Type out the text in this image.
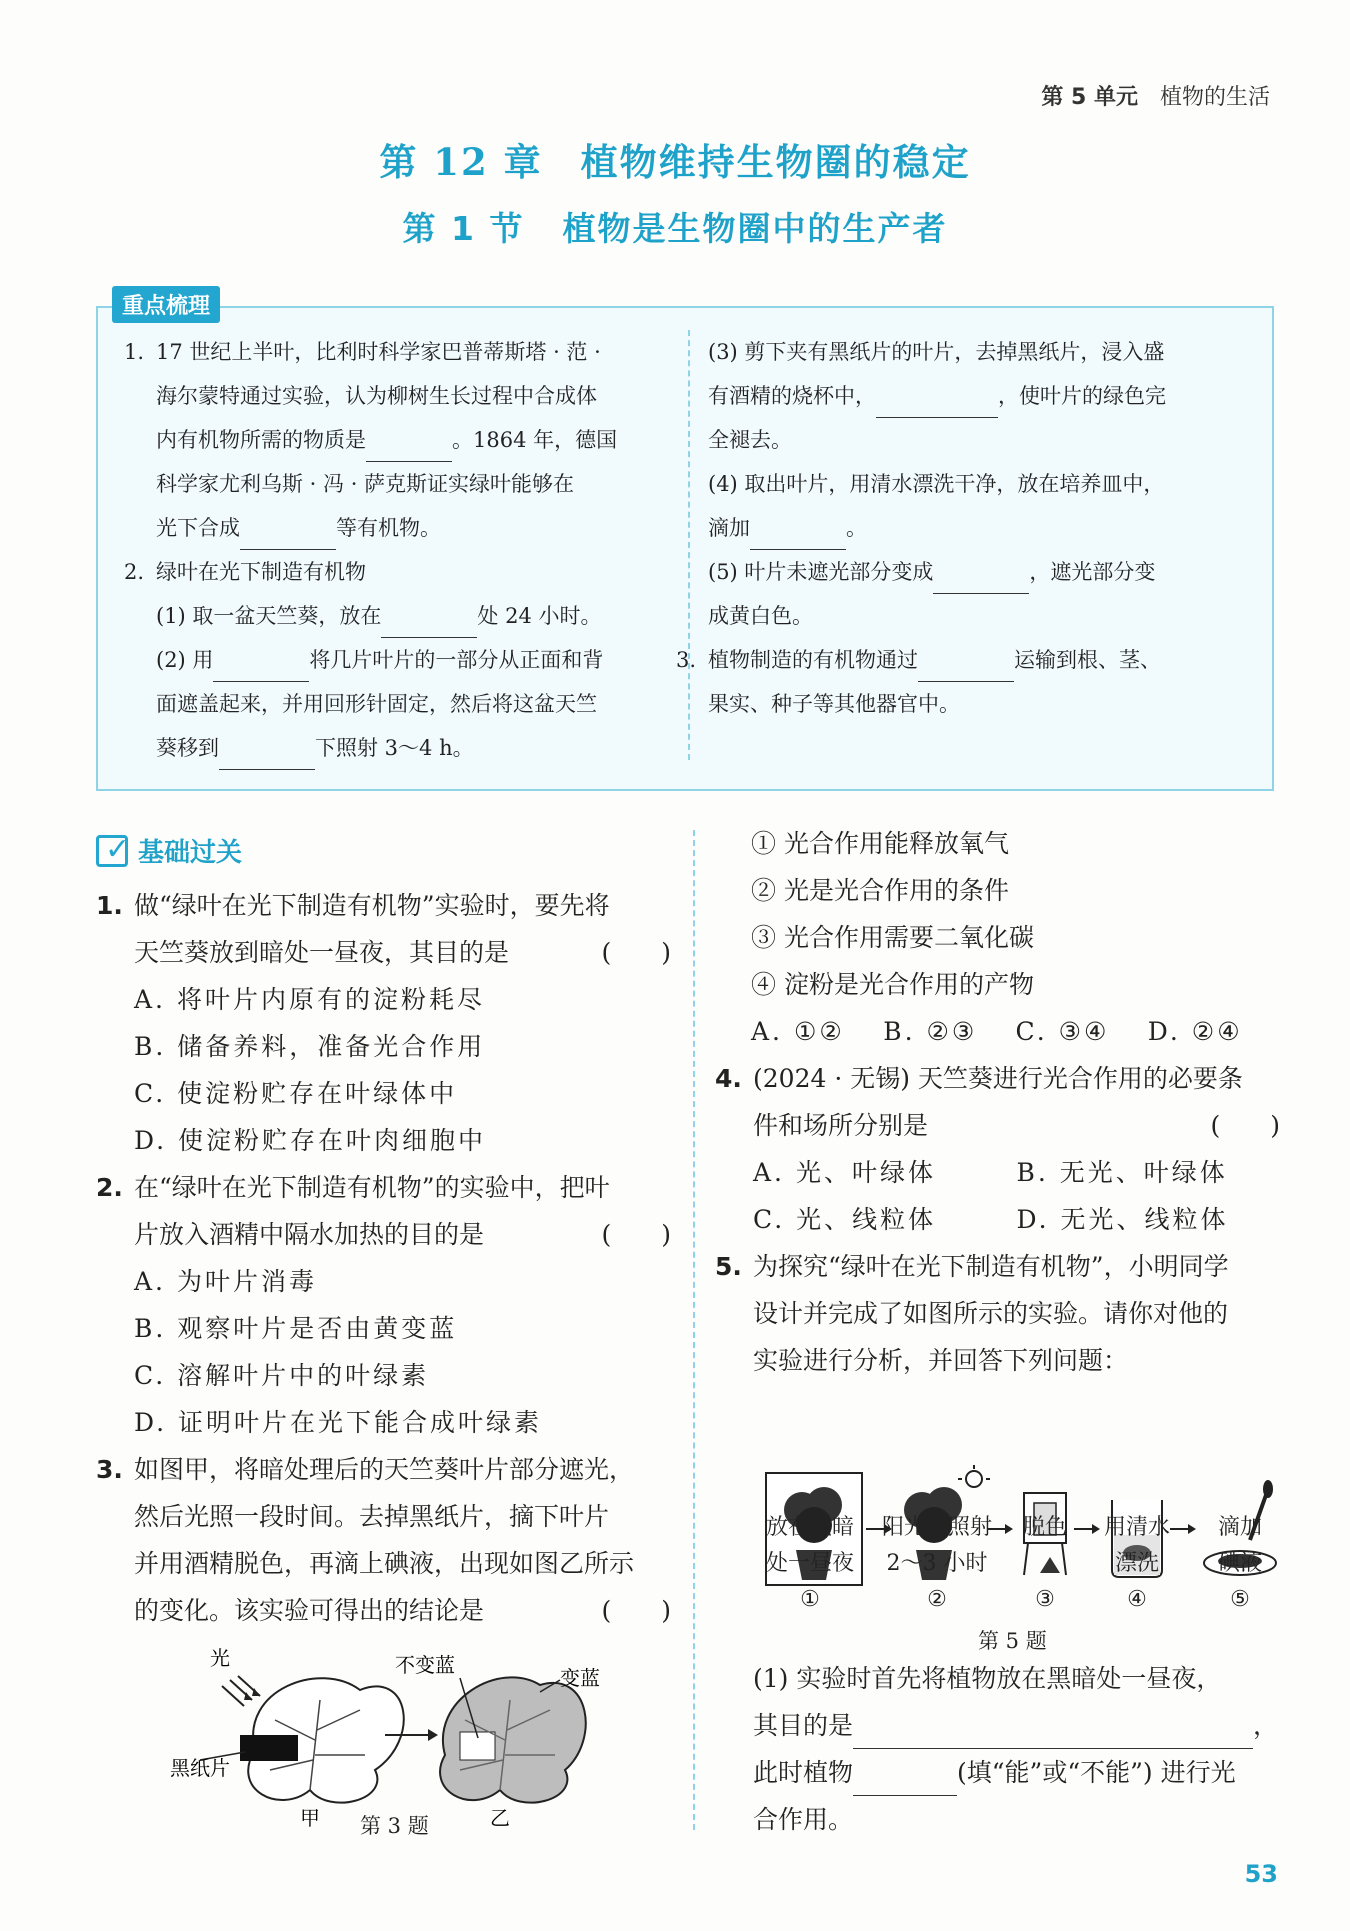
第 5 单元 植物的生活
第 12 章 植物维持生物圈的稳定
第 1 节 植物是生物圈中的生产者
重点梳理
1. 17 世纪上半叶，比利时科学家巴普蒂斯塔 · 范 ·
海尔蒙特通过实验，认为柳树生长过程中合成体
内有机物所需的物质是	。1864 年，德国
科学家尤利乌斯 · 冯 · 萨克斯证实绿叶能够在
光下合成	等有机物。
2. 绿叶在光下制造有机物
(1) 取一盆天竺葵，放在	处 24 小时。
(2) 用	将几片叶片的一部分从正面和背
面遮盖起来，并用回形针固定，然后将这盆天竺
葵移到	下照射 3～4 h。
(3) 剪下夹有黑纸片的叶片，去掉黑纸片，浸入盛
有酒精的烧杯中，	，使叶片的绿色完
全褪去。
(4) 取出叶片，用清水漂洗干净，放在培养皿中，
滴加	。
(5) 叶片未遮光部分变成	，遮光部分变
成黄白色。
3. 植物制造的有机物通过	运输到根、茎、
果实、种子等其他器官中。
✓ 基础过关
1. 做“绿叶在光下制造有机物”实验时，要先将
天竺葵放到暗处一昼夜，其目的是	(　　)
A. 将叶片内原有的淀粉耗尽
B. 储备养料，准备光合作用
C. 使淀粉贮存在叶绿体中
D. 使淀粉贮存在叶肉细胞中
2. 在“绿叶在光下制造有机物”的实验中，把叶
片放入酒精中隔水加热的目的是	(　　)
A. 为叶片消毒
B. 观察叶片是否由黄变蓝
C. 溶解叶片中的叶绿素
D. 证明叶片在光下能合成叶绿素
3. 如图甲，将暗处理后的天竺葵叶片部分遮光，
然后光照一段时间。去掉黑纸片，摘下叶片
并用酒精脱色，再滴上碘液，出现如图乙所示
的变化。该实验可得出的结论是	(　　)
光
黑纸片
甲
不变蓝
变蓝
乙
第 3 题
① 光合作用能释放氧气
② 光是光合作用的条件
③ 光合作用需要二氧化碳
④ 淀粉是光合作用的产物
A. ①②	B. ②③	C. ③④	D. ②④
4. (2024 · 无锡) 天竺葵进行光合作用的必要条
件和场所分别是	(　　)
A. 光、叶绿体	B. 无光、叶绿体
C. 光、线粒体	D. 无光、线粒体
5. 为探究“绿叶在光下制造有机物”，小明同学
设计并完成了如图所示的实验。请你对他的
实验进行分析，并回答下列问题：
放在黑暗
处一昼夜
①
阳光下照射
2～3 小时
②
脱色

③
用清水
漂洗
④
滴加
碘液
⑤
第 5 题
(1) 实验时首先将植物放在黑暗处一昼夜，
其目的是	，
此时植物	(填“能”或“不能”) 进行光
合作用。
53
